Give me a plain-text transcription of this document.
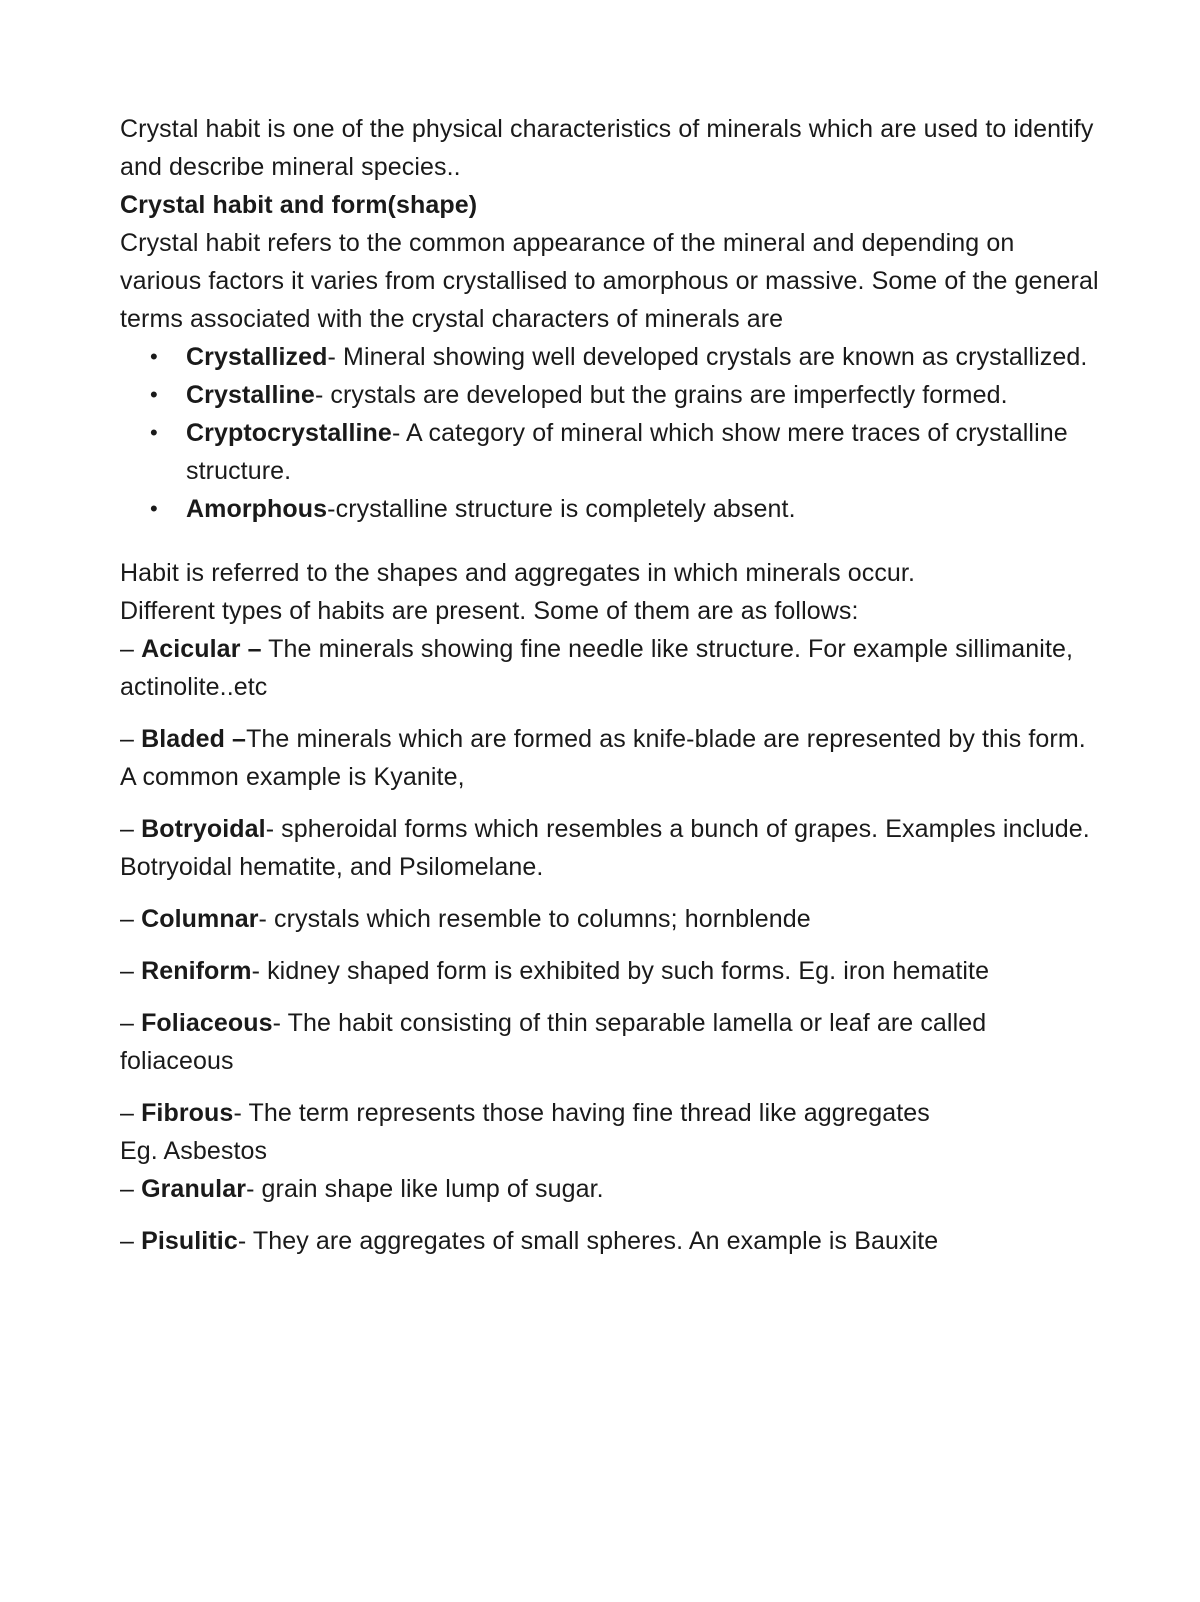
Crystal habit is one of the physical characteristics of minerals which are used to identify and describe mineral species..

Crystal habit and form(shape)

Crystal habit refers to the common appearance of the mineral and depending on various factors it varies from crystallised to amorphous or massive. Some of the general terms associated with the crystal characters of minerals are

• Crystallized- Mineral showing well developed crystals are known as crystallized.
• Crystalline- crystals are developed but the grains are imperfectly formed.
• Cryptocrystalline- A category of mineral which show mere traces of crystalline structure.
• Amorphous-crystalline structure is completely absent.

Habit is referred to the shapes and aggregates in which minerals occur.

Different types of habits are present. Some of them are as follows:

– Acicular – The minerals showing fine needle like structure. For example sillimanite, actinolite..etc

– Bladed –The minerals which are formed as knife-blade are represented by this form. A common example is Kyanite,

– Botryoidal- spheroidal forms which resembles a bunch of grapes. Examples include. Botryoidal hematite, and Psilomelane.

– Columnar- crystals which resemble to columns; hornblende

– Reniform- kidney shaped form is exhibited by such forms. Eg. iron hematite

– Foliaceous- The habit consisting of thin separable lamella or leaf are called foliaceous

– Fibrous- The term represents those having fine thread like aggregates

Eg. Asbestos

– Granular- grain shape like lump of sugar.

– Pisulitic- They are aggregates of small spheres. An example is Bauxite
